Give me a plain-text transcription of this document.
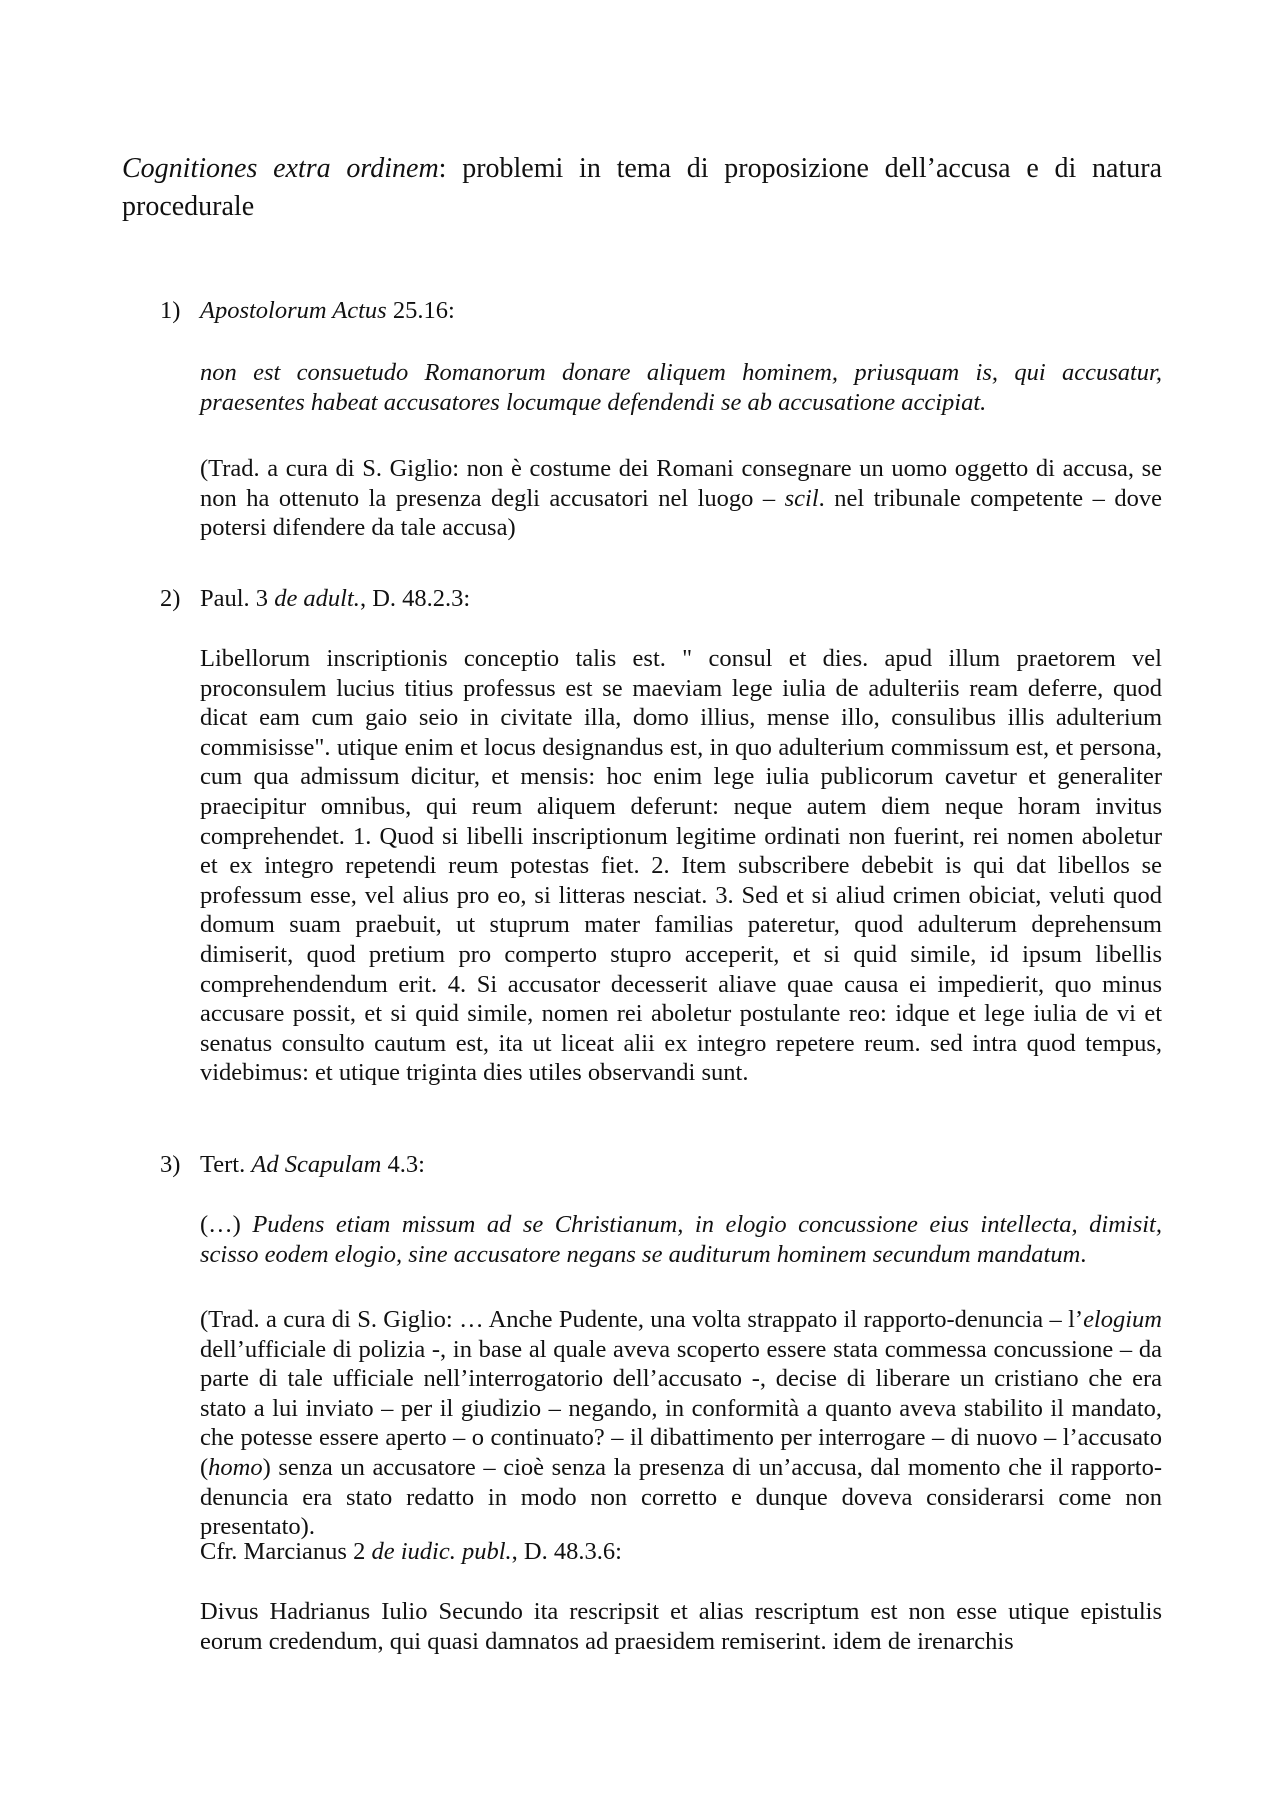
Cognitiones extra ordinem: problemi in tema di proposizione dell’accusa e di natura procedurale

1) Apostolorum Actus 25.16:

non est consuetudo Romanorum donare aliquem hominem, priusquam is, qui accusatur, praesentes habeat accusatores locumque defendendi se ab accusatione accipiat.

(Trad. a cura di S. Giglio: non è costume dei Romani consegnare un uomo oggetto di accusa, se non ha ottenuto la presenza degli accusatori nel luogo – scil. nel tribunale competente – dove potersi difendere da tale accusa)

2) Paul. 3 de adult., D. 48.2.3:

Libellorum inscriptionis conceptio talis est. " consul et dies. apud illum praetorem vel proconsulem lucius titius professus est se maeviam lege iulia de adulteriis ream deferre, quod dicat eam cum gaio seio in civitate illa, domo illius, mense illo, consulibus illis adulterium commisisse". utique enim et locus designandus est, in quo adulterium commissum est, et persona, cum qua admissum dicitur, et mensis: hoc enim lege iulia publicorum cavetur et generaliter praecipitur omnibus, qui reum aliquem deferunt: neque autem diem neque horam invitus comprehendet. 1. Quod si libelli inscriptionum legitime ordinati non fuerint, rei nomen aboletur et ex integro repetendi reum potestas fiet. 2. Item subscribere debebit is qui dat libellos se professum esse, vel alius pro eo, si litteras nesciat. 3. Sed et si aliud crimen obiciat, veluti quod domum suam praebuit, ut stuprum mater familias pateretur, quod adulterum deprehensum dimiserit, quod pretium pro comperto stupro acceperit, et si quid simile, id ipsum libellis comprehendendum erit. 4. Si accusator decesserit aliave quae causa ei impedierit, quo minus accusare possit, et si quid simile, nomen rei aboletur postulante reo: idque et lege iulia de vi et senatus consulto cautum est, ita ut liceat alii ex integro repetere reum. sed intra quod tempus, videbimus: et utique triginta dies utiles observandi sunt.

3) Tert. Ad Scapulam 4.3:

(…) Pudens etiam missum ad se Christianum, in elogio concussione eius intellecta, dimisit, scisso eodem elogio, sine accusatore negans se auditurum hominem secundum mandatum.

(Trad. a cura di S. Giglio: … Anche Pudente, una volta strappato il rapporto-denuncia – l’elogium dell’ufficiale di polizia -, in base al quale aveva scoperto essere stata commessa concussione – da parte di tale ufficiale nell’interrogatorio dell’accusato -, decise di liberare un cristiano che era stato a lui inviato – per il giudizio – negando, in conformità a quanto aveva stabilito il mandato, che potesse essere aperto – o continuato? – il dibattimento per interrogare – di nuovo – l’accusato (homo) senza un accusatore – cioè senza la presenza di un’accusa, dal momento che il rapporto-denuncia era stato redatto in modo non corretto e dunque doveva considerarsi come non presentato).

Cfr. Marcianus 2 de iudic. publ., D. 48.3.6:

Divus Hadrianus Iulio Secundo ita rescripsit et alias rescriptum est non esse utique epistulis eorum credendum, qui quasi damnatos ad praesidem remiserint. idem de irenarchis
